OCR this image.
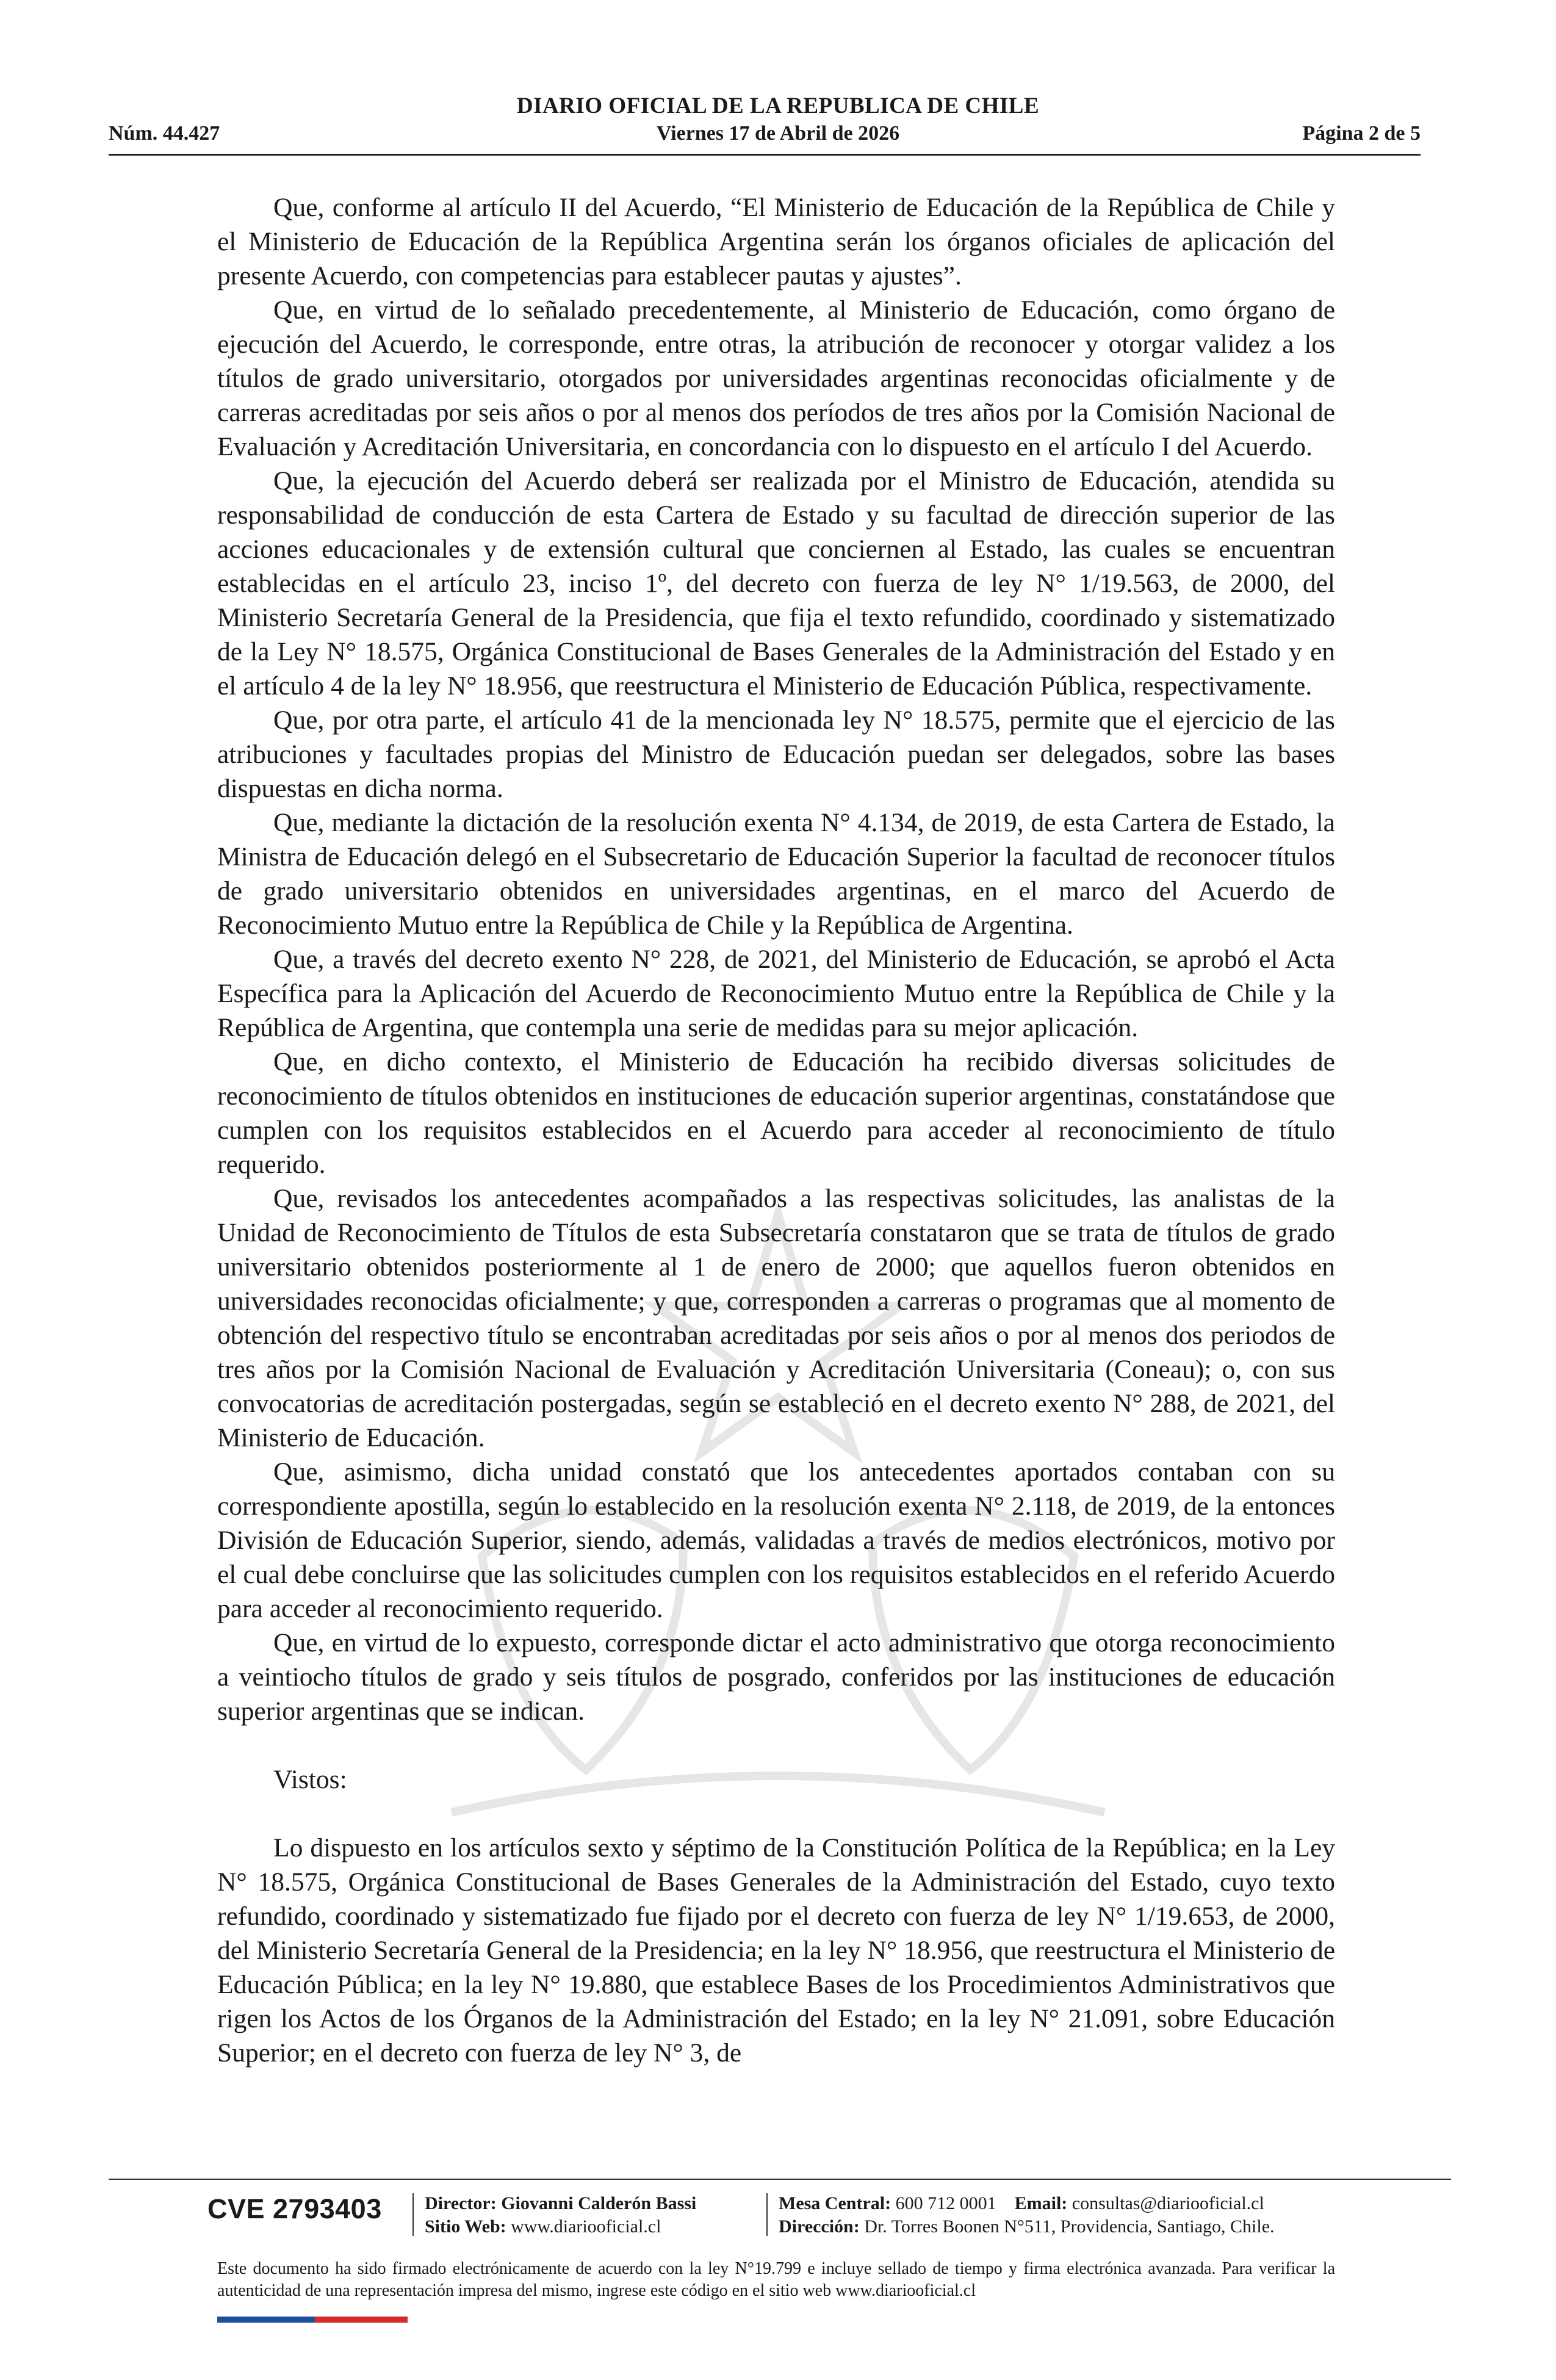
DIARIO OFICIAL DE LA REPUBLICA DE CHILE
Núm. 44.427	Viernes 17 de Abril de 2026	Página 2 de 5

Que, conforme al artículo II del Acuerdo, “El Ministerio de Educación de la República de Chile y el Ministerio de Educación de la República Argentina serán los órganos oficiales de aplicación del presente Acuerdo, con competencias para establecer pautas y ajustes”.

Que, en virtud de lo señalado precedentemente, al Ministerio de Educación, como órgano de ejecución del Acuerdo, le corresponde, entre otras, la atribución de reconocer y otorgar validez a los títulos de grado universitario, otorgados por universidades argentinas reconocidas oficialmente y de carreras acreditadas por seis años o por al menos dos períodos de tres años por la Comisión Nacional de Evaluación y Acreditación Universitaria, en concordancia con lo dispuesto en el artículo I del Acuerdo.

Que, la ejecución del Acuerdo deberá ser realizada por el Ministro de Educación, atendida su responsabilidad de conducción de esta Cartera de Estado y su facultad de dirección superior de las acciones educacionales y de extensión cultural que conciernen al Estado, las cuales se encuentran establecidas en el artículo 23, inciso 1º, del decreto con fuerza de ley N° 1/19.563, de 2000, del Ministerio Secretaría General de la Presidencia, que fija el texto refundido, coordinado y sistematizado de la Ley N° 18.575, Orgánica Constitucional de Bases Generales de la Administración del Estado y en el artículo 4 de la ley N° 18.956, que reestructura el Ministerio de Educación Pública, respectivamente.

Que, por otra parte, el artículo 41 de la mencionada ley N° 18.575, permite que el ejercicio de las atribuciones y facultades propias del Ministro de Educación puedan ser delegados, sobre las bases dispuestas en dicha norma.

Que, mediante la dictación de la resolución exenta N° 4.134, de 2019, de esta Cartera de Estado, la Ministra de Educación delegó en el Subsecretario de Educación Superior la facultad de reconocer títulos de grado universitario obtenidos en universidades argentinas, en el marco del Acuerdo de Reconocimiento Mutuo entre la República de Chile y la República de Argentina.

Que, a través del decreto exento N° 228, de 2021, del Ministerio de Educación, se aprobó el Acta Específica para la Aplicación del Acuerdo de Reconocimiento Mutuo entre la República de Chile y la República de Argentina, que contempla una serie de medidas para su mejor aplicación.

Que, en dicho contexto, el Ministerio de Educación ha recibido diversas solicitudes de reconocimiento de títulos obtenidos en instituciones de educación superior argentinas, constatándose que cumplen con los requisitos establecidos en el Acuerdo para acceder al reconocimiento de título requerido.

Que, revisados los antecedentes acompañados a las respectivas solicitudes, las analistas de la Unidad de Reconocimiento de Títulos de esta Subsecretaría constataron que se trata de títulos de grado universitario obtenidos posteriormente al 1 de enero de 2000; que aquellos fueron obtenidos en universidades reconocidas oficialmente; y que, corresponden a carreras o programas que al momento de obtención del respectivo título se encontraban acreditadas por seis años o por al menos dos periodos de tres años por la Comisión Nacional de Evaluación y Acreditación Universitaria (Coneau); o, con sus convocatorias de acreditación postergadas, según se estableció en el decreto exento N° 288, de 2021, del Ministerio de Educación.

Que, asimismo, dicha unidad constató que los antecedentes aportados contaban con su correspondiente apostilla, según lo establecido en la resolución exenta N° 2.118, de 2019, de la entonces División de Educación Superior, siendo, además, validadas a través de medios electrónicos, motivo por el cual debe concluirse que las solicitudes cumplen con los requisitos establecidos en el referido Acuerdo para acceder al reconocimiento requerido.

Que, en virtud de lo expuesto, corresponde dictar el acto administrativo que otorga reconocimiento a veintiocho títulos de grado y seis títulos de posgrado, conferidos por las instituciones de educación superior argentinas que se indican.

Vistos:

Lo dispuesto en los artículos sexto y séptimo de la Constitución Política de la República; en la Ley N° 18.575, Orgánica Constitucional de Bases Generales de la Administración del Estado, cuyo texto refundido, coordinado y sistematizado fue fijado por el decreto con fuerza de ley N° 1/19.653, de 2000, del Ministerio Secretaría General de la Presidencia; en la ley N° 18.956, que reestructura el Ministerio de Educación Pública; en la ley N° 19.880, que establece Bases de los Procedimientos Administrativos que rigen los Actos de los Órganos de la Administración del Estado; en la ley N° 21.091, sobre Educación Superior; en el decreto con fuerza de ley N° 3, de

CVE 2793403 Director: Giovanni Calderón Bassi
Sitio Web: www.diariooficial.cl
Mesa Central: 600 712 0001 Email: consultas@diariooficial.cl
Dirección: Dr. Torres Boonen N°511, Providencia, Santiago, Chile.
Este documento ha sido firmado electrónicamente de acuerdo con la ley N°19.799 e incluye sellado de tiempo y firma electrónica avanzada. Para verificar la autenticidad de una representación impresa del mismo, ingrese este código en el sitio web www.diariooficial.cl
